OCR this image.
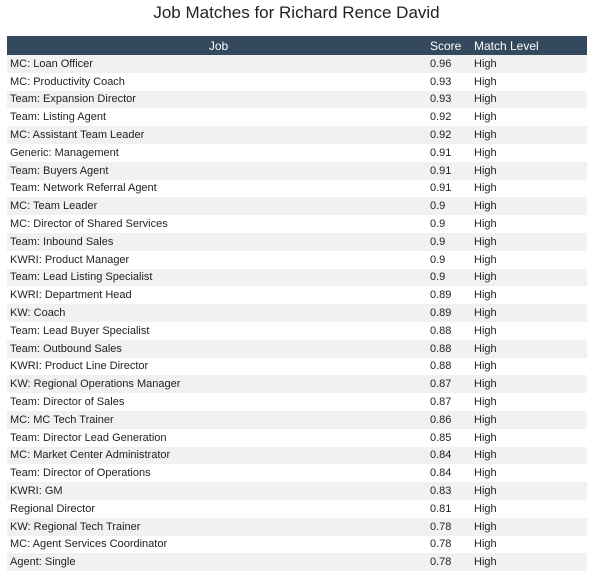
Job Matches for Richard Rence David
Job	Score	Match Level
MC: Loan Officer	0.96	High
MC: Productivity Coach	0.93	High
Team: Expansion Director	0.93	High
Team: Listing Agent	0.92	High
MC: Assistant Team Leader	0.92	High
Generic: Management	0.91	High
Team: Buyers Agent	0.91	High
Team: Network Referral Agent	0.91	High
MC: Team Leader	0.9	High
MC: Director of Shared Services	0.9	High
Team: Inbound Sales	0.9	High
KWRI: Product Manager	0.9	High
Team: Lead Listing Specialist	0.9	High
KWRI: Department Head	0.89	High
KW: Coach	0.89	High
Team: Lead Buyer Specialist	0.88	High
Team: Outbound Sales	0.88	High
KWRI: Product Line Director	0.88	High
KW: Regional Operations Manager	0.87	High
Team: Director of Sales	0.87	High
MC: MC Tech Trainer	0.86	High
Team: Director Lead Generation	0.85	High
MC: Market Center Administrator	0.84	High
Team: Director of Operations	0.84	High
KWRI: GM	0.83	High
Regional Director	0.81	High
KW: Regional Tech Trainer	0.78	High
MC: Agent Services Coordinator	0.78	High
Agent: Single	0.78	High
